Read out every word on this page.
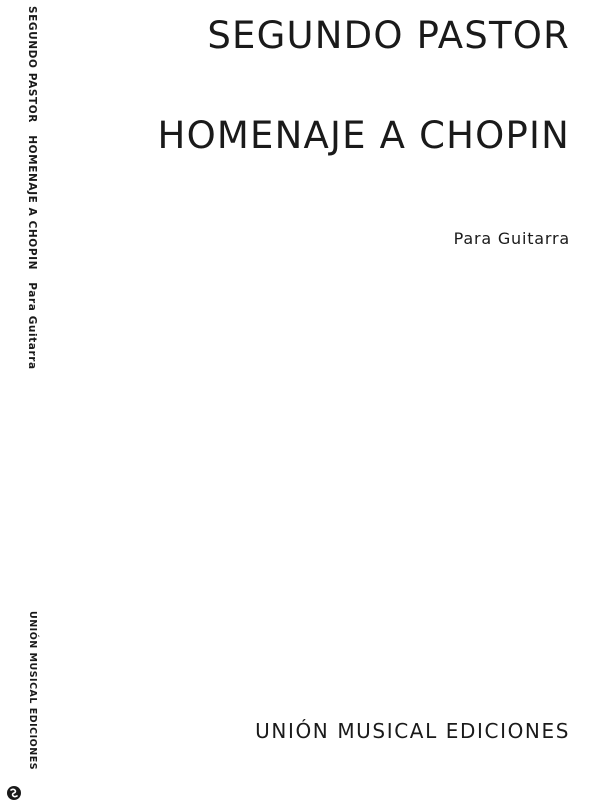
SEGUNDO PASTOR HOMENAJE A CHOPIN Para Guitarra
UNIÓN MUSICAL EDICIONES
SEGUNDO PASTOR
HOMENAJE A CHOPIN
Para Guitarra
UNIÓN MUSICAL EDICIONES
